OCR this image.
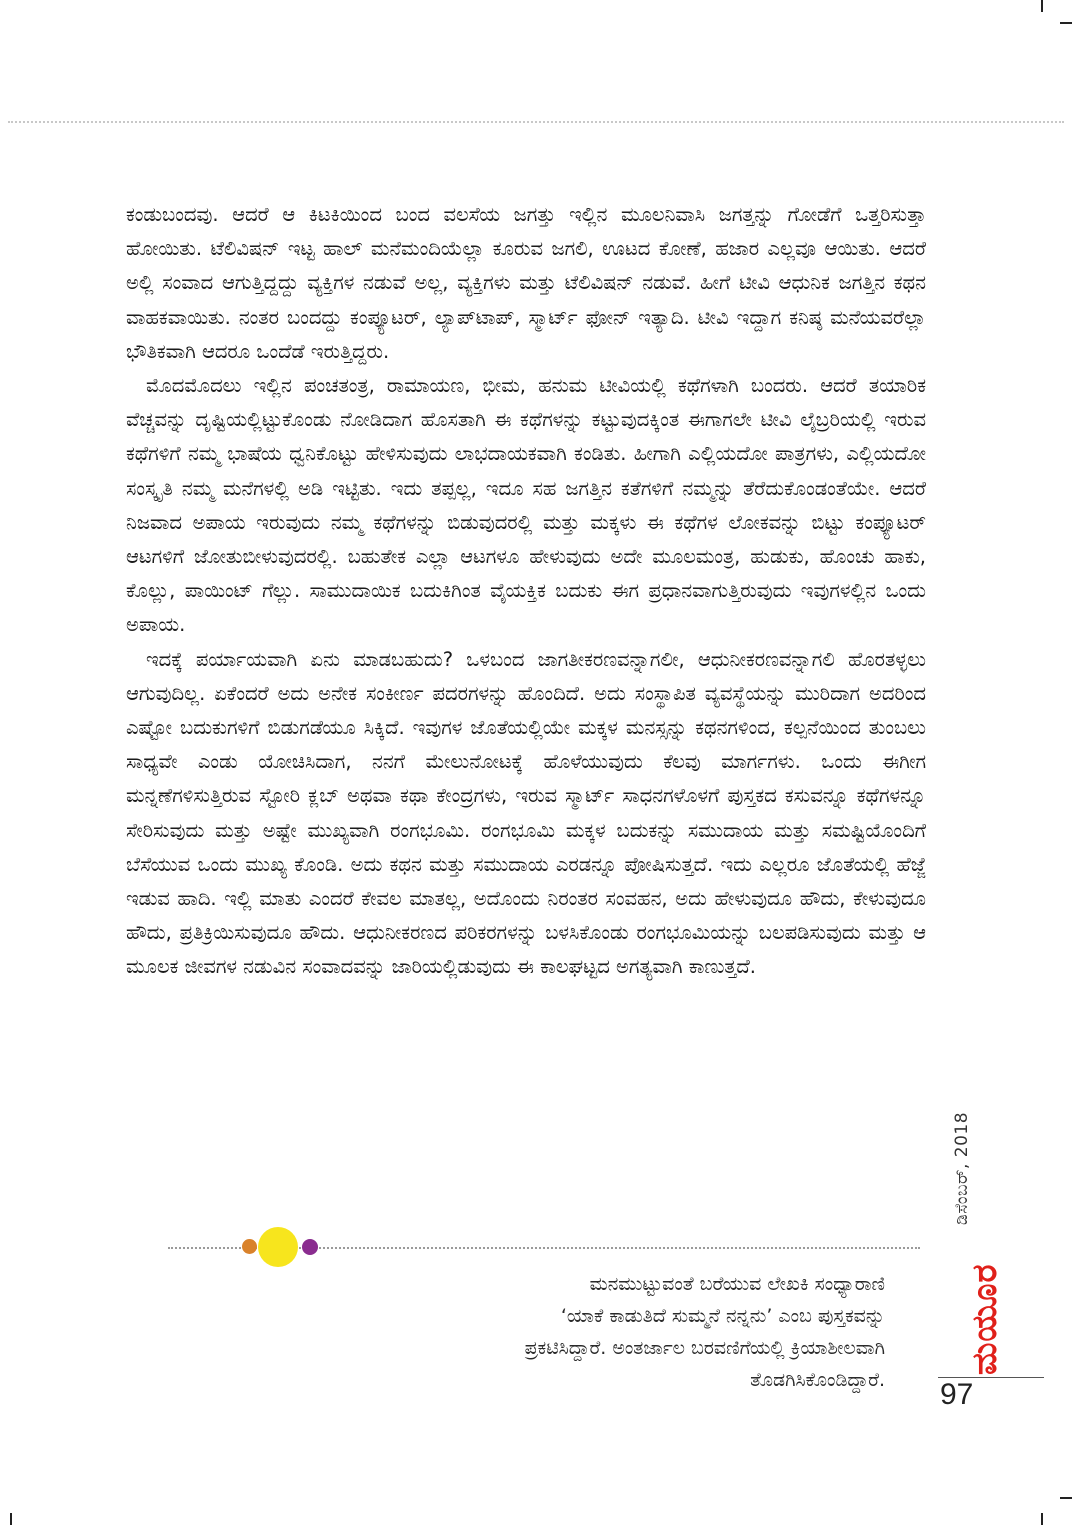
ಕಂಡುಬಂದವು. ಆದರೆ ಆ ಕಿಟಕಿಯಿಂದ ಬಂದ ವಲಸೆಯ ಜಗತ್ತು ಇಲ್ಲಿನ ಮೂಲನಿವಾಸಿ ಜಗತ್ತನ್ನು ಗೋಡೆಗೆ ಒತ್ತರಿಸುತ್ತಾ ಹೋಯಿತು. ಟೆಲಿವಿಷನ್ ಇಟ್ಟ ಹಾಲ್ ಮನೆಮಂದಿಯೆಲ್ಲಾ ಕೂರುವ ಜಗಲಿ, ಊಟದ ಕೋಣೆ, ಹಜಾರ ಎಲ್ಲವೂ ಆಯಿತು. ಆದರೆ ಅಲ್ಲಿ ಸಂವಾದ ಆಗುತ್ತಿದ್ದದ್ದು ವ್ಯಕ್ತಿಗಳ ನಡುವೆ ಅಲ್ಲ, ವ್ಯಕ್ತಿಗಳು ಮತ್ತು ಟೆಲಿವಿಷನ್ ನಡುವೆ. ಹೀಗೆ ಟೀವಿ ಆಧುನಿಕ ಜಗತ್ತಿನ ಕಥನ ವಾಹಕವಾಯಿತು. ನಂತರ ಬಂದದ್ದು ಕಂಪ್ಯೂಟರ್, ಲ್ಯಾಪ್‌ಟಾಪ್, ಸ್ಮಾರ್ಟ್ ಫೋನ್ ಇತ್ಯಾದಿ. ಟೀವಿ ಇದ್ದಾಗ ಕನಿಷ್ಠ ಮನೆಯವರೆಲ್ಲಾ ಭೌತಿಕವಾಗಿ ಆದರೂ ಒಂದೆಡೆ ಇರುತ್ತಿದ್ದರು.

ಮೊದಮೊದಲು ಇಲ್ಲಿನ ಪಂಚತಂತ್ರ, ರಾಮಾಯಣ, ಭೀಮ, ಹನುಮ ಟೀವಿಯಲ್ಲಿ ಕಥೆಗಳಾಗಿ ಬಂದರು. ಆದರೆ ತಯಾರಿಕ ವೆಚ್ಚವನ್ನು ದೃಷ್ಟಿಯಲ್ಲಿಟ್ಟುಕೊಂಡು ನೋಡಿದಾಗ ಹೊಸತಾಗಿ ಈ ಕಥೆಗಳನ್ನು ಕಟ್ಟುವುದಕ್ಕಿಂತ ಈಗಾಗಲೇ ಟೀವಿ ಲೈಬ್ರರಿಯಲ್ಲಿ ಇರುವ ಕಥೆಗಳಿಗೆ ನಮ್ಮ ಭಾಷೆಯ ಧ್ವನಿಕೊಟ್ಟು ಹೇಳಿಸುವುದು ಲಾಭದಾಯಕವಾಗಿ ಕಂಡಿತು. ಹೀಗಾಗಿ ಎಲ್ಲಿಯದೋ ಪಾತ್ರಗಳು, ಎಲ್ಲಿಯದೋ ಸಂಸ್ಕೃತಿ ನಮ್ಮ ಮನೆಗಳಲ್ಲಿ ಅಡಿ ಇಟ್ಟಿತು. ಇದು ತಪ್ಪಲ್ಲ, ಇದೂ ಸಹ ಜಗತ್ತಿನ ಕತೆಗಳಿಗೆ ನಮ್ಮನ್ನು ತೆರೆದುಕೊಂಡಂತೆಯೇ. ಆದರೆ ನಿಜವಾದ ಅಪಾಯ ಇರುವುದು ನಮ್ಮ ಕಥೆಗಳನ್ನು ಬಿಡುವುದರಲ್ಲಿ ಮತ್ತು ಮಕ್ಕಳು ಈ ಕಥೆಗಳ ಲೋಕವನ್ನು ಬಿಟ್ಟು ಕಂಪ್ಯೂಟರ್ ಆಟಗಳಿಗೆ ಜೋತುಬೀಳುವುದರಲ್ಲಿ. ಬಹುತೇಕ ಎಲ್ಲಾ ಆಟಗಳೂ ಹೇಳುವುದು ಅದೇ ಮೂಲಮಂತ್ರ, ಹುಡುಕು, ಹೊಂಚು ಹಾಕು, ಕೊಲ್ಲು, ಪಾಯಿಂಟ್ ಗೆಲ್ಲು. ಸಾಮುದಾಯಿಕ ಬದುಕಿಗಿಂತ ವೈಯಕ್ತಿಕ ಬದುಕು ಈಗ ಪ್ರಧಾನವಾಗುತ್ತಿರುವುದು ಇವುಗಳಲ್ಲಿನ ಒಂದು ಅಪಾಯ.

ಇದಕ್ಕೆ ಪರ್ಯಾಯವಾಗಿ ಏನು ಮಾಡಬಹುದು? ಒಳಬಂದ ಜಾಗತೀಕರಣವನ್ನಾಗಲೀ, ಆಧುನೀಕರಣವನ್ನಾಗಲಿ ಹೊರತಳ್ಳಲು ಆಗುವುದಿಲ್ಲ. ಏಕೆಂದರೆ ಅದು ಅನೇಕ ಸಂಕೀರ್ಣ ಪದರಗಳನ್ನು ಹೊಂದಿದೆ. ಅದು ಸಂಸ್ಥಾಪಿತ ವ್ಯವಸ್ಥೆಯನ್ನು ಮುರಿದಾಗ ಅದರಿಂದ ಎಷ್ಟೋ ಬದುಕುಗಳಿಗೆ ಬಿಡುಗಡೆಯೂ ಸಿಕ್ಕಿದೆ. ಇವುಗಳ ಜೊತೆಯಲ್ಲಿಯೇ ಮಕ್ಕಳ ಮನಸ್ಸನ್ನು ಕಥನಗಳಿಂದ, ಕಲ್ಪನೆಯಿಂದ ತುಂಬಲು ಸಾಧ್ಯವೇ ಎಂಡು ಯೋಚಿಸಿದಾಗ, ನನಗೆ ಮೇಲುನೋಟಕ್ಕೆ ಹೊಳೆಯುವುದು ಕೆಲವು ಮಾರ್ಗಗಳು. ಒಂದು ಈಗೀಗ ಮನ್ನಣೆಗಳಿಸುತ್ತಿರುವ ಸ್ಟೋರಿ ಕ್ಲಬ್ ಅಥವಾ ಕಥಾ ಕೇಂದ್ರಗಳು, ಇರುವ ಸ್ಮಾರ್ಟ್ ಸಾಧನಗಳೊಳಗೆ ಪುಸ್ತಕದ ಕಸುವನ್ನೂ ಕಥೆಗಳನ್ನೂ ಸೇರಿಸುವುದು ಮತ್ತು ಅಷ್ಟೇ ಮುಖ್ಯವಾಗಿ ರಂಗಭೂಮಿ. ರಂಗಭೂಮಿ ಮಕ್ಕಳ ಬದುಕನ್ನು ಸಮುದಾಯ ಮತ್ತು ಸಮಷ್ಟಿಯೊಂದಿಗೆ ಬೆಸೆಯುವ ಒಂದು ಮುಖ್ಯ ಕೊಂಡಿ. ಅದು ಕಥನ ಮತ್ತು ಸಮುದಾಯ ಎರಡನ್ನೂ ಪೋಷಿಸುತ್ತದೆ. ಇದು ಎಲ್ಲರೂ ಜೊತೆಯಲ್ಲಿ ಹೆಜ್ಜೆ ಇಡುವ ಹಾದಿ. ಇಲ್ಲಿ ಮಾತು ಎಂದರೆ ಕೇವಲ ಮಾತಲ್ಲ, ಅದೊಂದು ನಿರಂತರ ಸಂವಹನ, ಅದು ಹೇಳುವುದೂ ಹೌದು, ಕೇಳುವುದೂ ಹೌದು, ಪ್ರತಿಕ್ರಿಯಿಸುವುದೂ ಹೌದು. ಆಧುನೀಕರಣದ ಪರಿಕರಗಳನ್ನು ಬಳಸಿಕೊಂಡು ರಂಗಭೂಮಿಯನ್ನು ಬಲಪಡಿಸುವುದು ಮತ್ತು ಆ ಮೂಲಕ ಜೀವಗಳ ನಡುವಿನ ಸಂವಾದವನ್ನು ಜಾರಿಯಲ್ಲಿಡುವುದು ಈ ಕಾಲಘಟ್ಟದ ಅಗತ್ಯವಾಗಿ ಕಾಣುತ್ತದೆ.

ಮನಮುಟ್ಟುವಂತೆ ಬರೆಯುವ ಲೇಖಕಿ ಸಂಧ್ಯಾರಾಣಿ
‘ಯಾಕೆ ಕಾಡುತಿದೆ ಸುಮ್ಮನೆ ನನ್ನನು’ ಎಂಬ ಪುಸ್ತಕವನ್ನು
ಪ್ರಕಟಿಸಿದ್ದಾರೆ. ಅಂತರ್ಜಾಲ ಬರವಣಿಗೆಯಲ್ಲಿ ಕ್ರಿಯಾಶೀಲವಾಗಿ
ತೊಡಗಿಸಿಕೊಂಡಿದ್ದಾರೆ.
ಡಿಸೆಂಬರ್, 2018
ಮಯೂರ
97
